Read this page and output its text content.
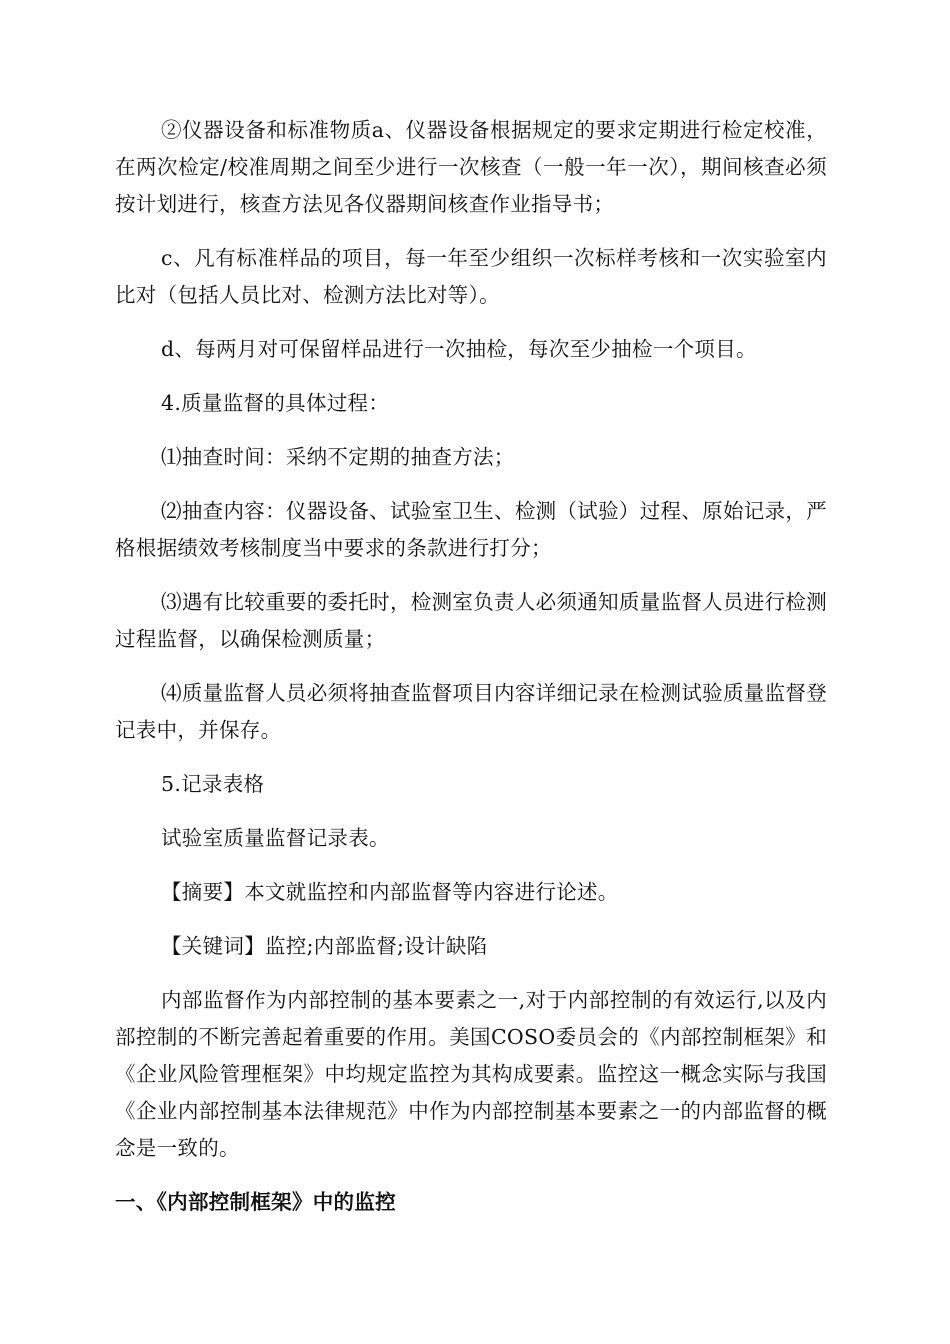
②仪器设备和标准物质a、仪器设备根据规定的要求定期进行检定校准，在两次检定/校准周期之间至少进行一次核查（一般一年一次），期间核查必须按计划进行，核查方法见各仪器期间核查作业指导书；

c、凡有标准样品的项目，每一年至少组织一次标样考核和一次实验室内比对（包括人员比对、检测方法比对等）。

d、每两月对可保留样品进行一次抽检，每次至少抽检一个项目。

4.质量监督的具体过程：

⑴抽查时间：采纳不定期的抽查方法；

⑵抽查内容：仪器设备、试验室卫生、检测（试验）过程、原始记录，严格根据绩效考核制度当中要求的条款进行打分；

⑶遇有比较重要的委托时，检测室负责人必须通知质量监督人员进行检测过程监督，以确保检测质量；

⑷质量监督人员必须将抽查监督项目内容详细记录在检测试验质量监督登记表中，并保存。

5.记录表格

试验室质量监督记录表。

【摘要】本文就监控和内部监督等内容进行论述。

【关键词】监控;内部监督;设计缺陷

内部监督作为内部控制的基本要素之一,对于内部控制的有效运行,以及内部控制的不断完善起着重要的作用。美国COSO委员会的《内部控制框架》和《企业风险管理框架》中均规定监控为其构成要素。监控这一概念实际与我国《企业内部控制基本法律规范》中作为内部控制基本要素之一的内部监督的概念是一致的。

一、《内部控制框架》中的监控
